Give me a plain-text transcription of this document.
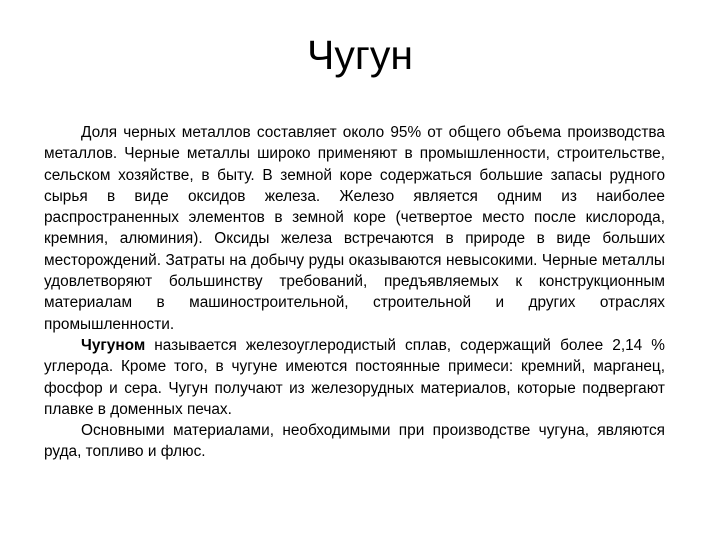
Чугун

Доля черных металлов составляет около 95% от общего объема производства металлов. Черные металлы широко применяют в промышленности, строительстве, сельском хозяйстве, в быту. В земной коре содержаться большие запасы рудного сырья в виде оксидов железа. Железо является одним из наиболее распространенных элементов в земной коре (четвертое место после кислорода, кремния, алюминия). Оксиды железа встречаются в природе в виде больших месторождений. Затраты на добычу руды оказываются невысокими. Черные металлы удовлетворяют большинству требований, предъявляемых к конструкционным материалам в машиностроительной, строительной и других отраслях промышленности.

Чугуном называется железоуглеродистый сплав, содержащий более 2,14 % углерода. Кроме того, в чугуне имеются постоянные примеси: кремний, марганец, фосфор и сера. Чугун получают из железорудных материалов, которые подвергают плавке в доменных печах.

Основными материалами, необходимыми при производстве чугуна, являются руда, топливо и флюс.
